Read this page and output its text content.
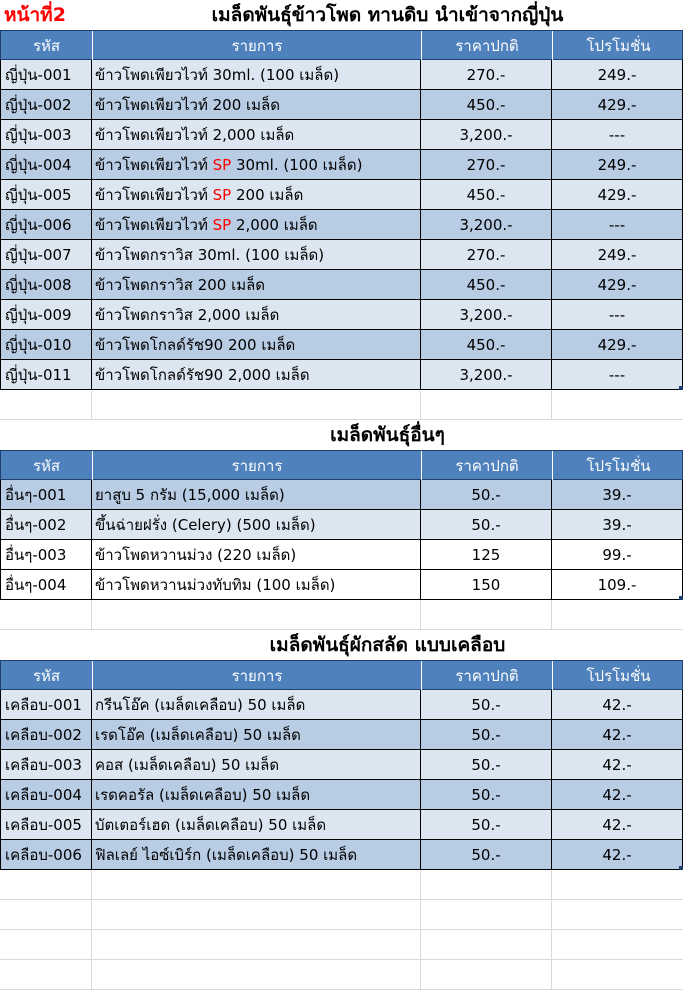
หน้าที่2	เมล็ดพันธุ์ข้าวโพด ทานดิบ นำเข้าจากญี่ปุ่น
รหัส	รายการ	ราคาปกติ	โปรโมชั่น
ญี่ปุ่น-001 ข้าวโพดเพียวไวท์ 30ml. (100 เมล็ด)	270.-	249.-
ญี่ปุ่น-002 ข้าวโพดเพียวไวท์ 200 เมล็ด	450.-	429.-
ญี่ปุ่น-003 ข้าวโพดเพียวไวท์ 2,000 เมล็ด	3,200.-	---
ญี่ปุ่น-004 ข้าวโพดเพียวไวท์ SP 30ml. (100 เมล็ด)	270.-	249.-
ญี่ปุ่น-005 ข้าวโพดเพียวไวท์ SP 200 เมล็ด	450.-	429.-
ญี่ปุ่น-006 ข้าวโพดเพียวไวท์ SP 2,000 เมล็ด	3,200.-	---
ญี่ปุ่น-007 ข้าวโพดกราวิส 30ml. (100 เมล็ด)	270.-	249.-
ญี่ปุ่น-008 ข้าวโพดกราวิส 200 เมล็ด	450.-	429.-
ญี่ปุ่น-009 ข้าวโพดกราวิส 2,000 เมล็ด	3,200.-	---
ญี่ปุ่น-010 ข้าวโพดโกลด์รัช90 200 เมล็ด	450.-	429.-
ญี่ปุ่น-011 ข้าวโพดโกลด์รัช90 2,000 เมล็ด	3,200.-	---
เมล็ดพันธุ์อื่นๆ
รหัส	รายการ	ราคาปกติ	โปรโมชั่น
อื่นๆ-001 ยาสูบ 5 กรัม (15,000 เมล็ด)	50.-	39.-
อื่นๆ-002 ขึ้นฉ่ายฝรั่ง (Celery) (500 เมล็ด)	50.-	39.-
อื่นๆ-003 ข้าวโพดหวานม่วง (220 เมล็ด)	125	99.-
อื่นๆ-004 ข้าวโพดหวานม่วงทับทิม (100 เมล็ด)	150	109.-
เมล็ดพันธุ์ผักสลัด แบบเคลือบ
รหัส	รายการ	ราคาปกติ	โปรโมชั่น
เคลือบ-001 กรีนโอ๊ค (เมล็ดเคลือบ) 50 เมล็ด	50.-	42.-
เคลือบ-002 เรดโอ๊ค (เมล็ดเคลือบ) 50 เมล็ด	50.-	42.-
เคลือบ-003 คอส (เมล็ดเคลือบ) 50 เมล็ด	50.-	42.-
เคลือบ-004 เรดคอรัล (เมล็ดเคลือบ) 50 เมล็ด	50.-	42.-
เคลือบ-005 บัตเตอร์เฮด (เมล็ดเคลือบ) 50 เมล็ด	50.-	42.-
เคลือบ-006 ฟิลเลย์ ไอซ์เบิร์ก (เมล็ดเคลือบ) 50 เมล็ด	50.-	42.-
